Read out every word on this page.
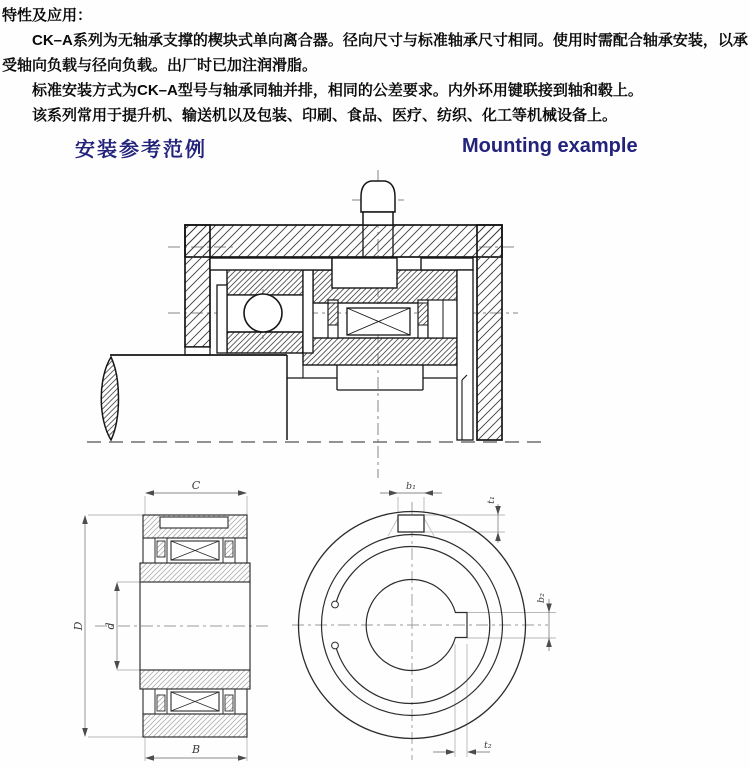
特性及应用：

CK–A系列为无轴承支撑的楔块式单向离合器。径向尺寸与标准轴承尺寸相同。使用时需配合轴承安装，以承受轴向负载与径向负载。出厂时已加注润滑脂。

标准安装方式为CK–A型号与轴承同轴并排，相同的公差要求。内外环用键联接到轴和毂上。

该系列常用于提升机、输送机以及包装、印刷、食品、医疗、纺织、化工等机械设备上。

安装参考范例	Mounting example
C
B
D d
b₁
t₁
b₂
t₂
